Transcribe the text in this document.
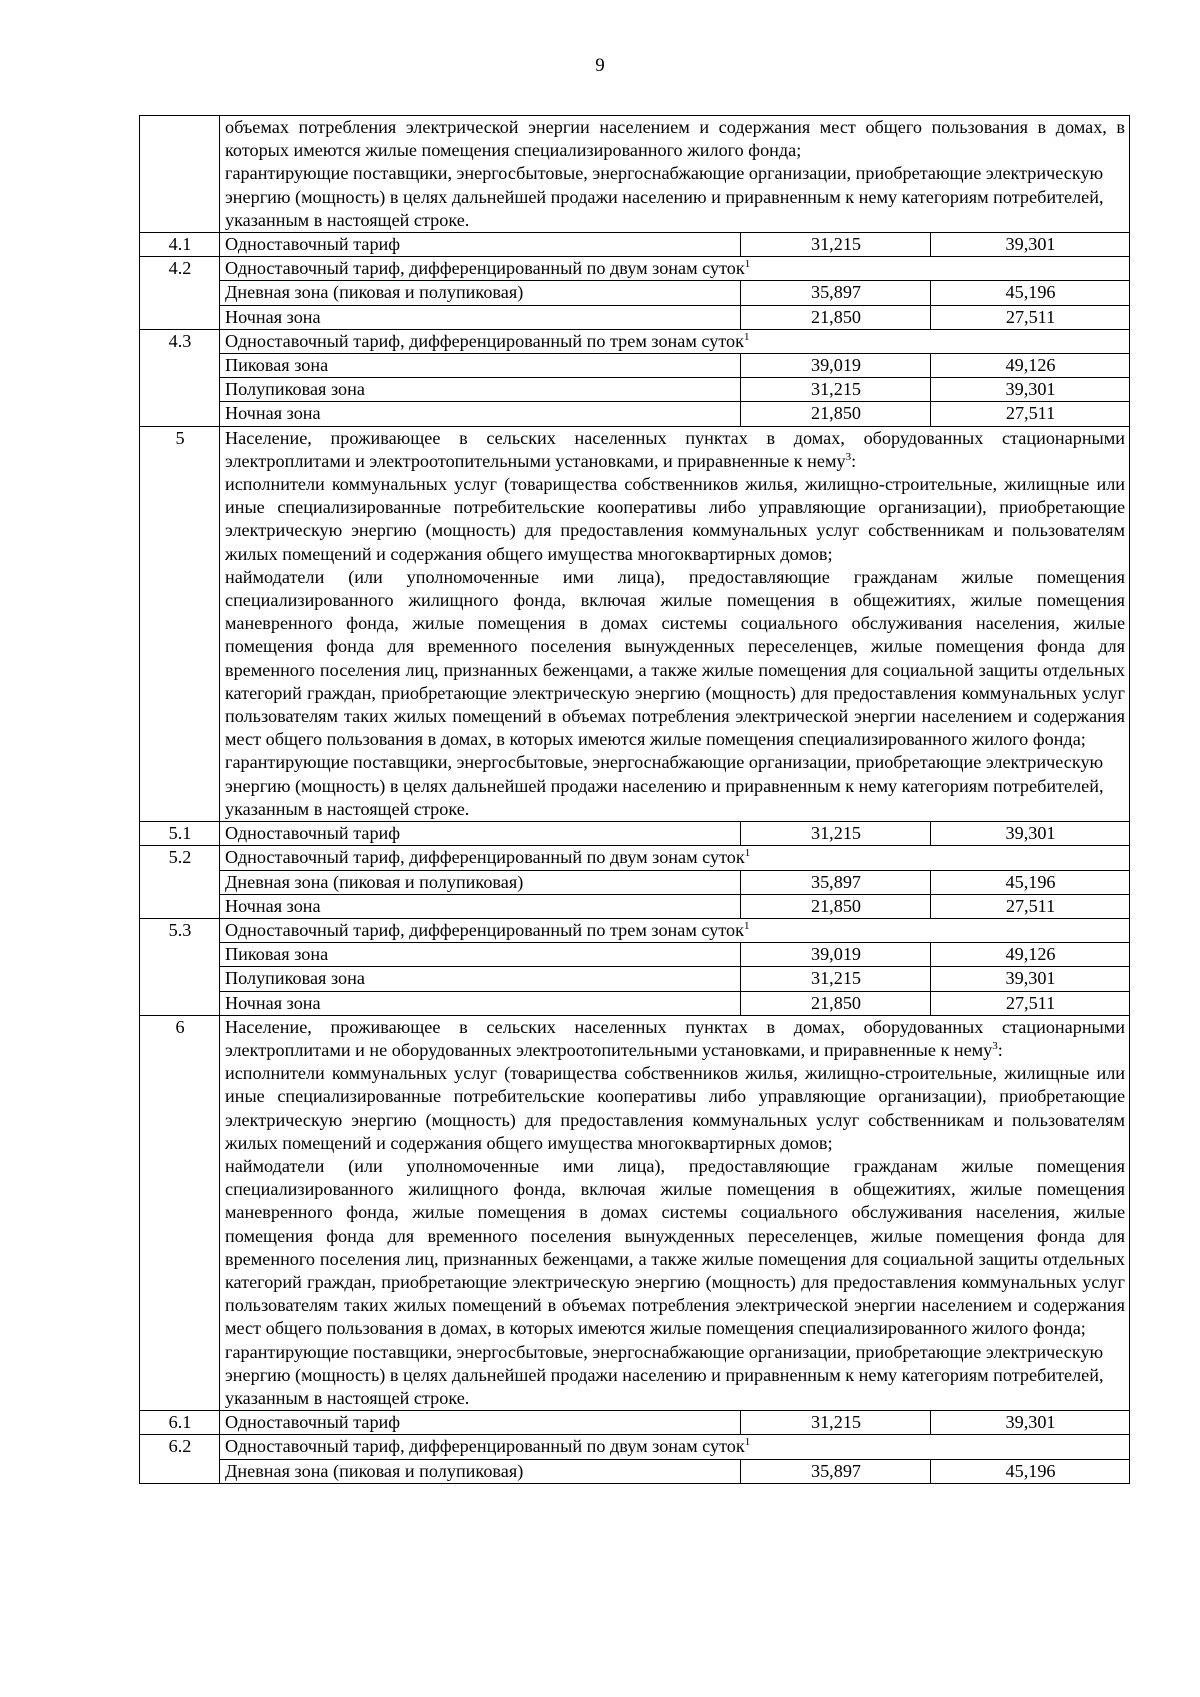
9

	объемах потребления электрической энергии населением и содержания мест общего пользования в домах, в которых имеются жилые помещения специализированного жилого фонда;

гарантирующие поставщики, энергосбытовые, энергоснабжающие организации, приобретающие электрическую энергию (мощность) в целях дальнейшей продажи населению и приравненным к нему категориям потребителей, указанным в настоящей строке.		

4.1	Одноставочный тариф	31,215	39,301
4.2	Одноставочный тариф, дифференцированный по двум зонам суток$^1$
	Дневная зона (пиковая и полупиковая)	35,897	45,196
	Ночная зона	21,850	27,511
4.3	Одноставочный тариф, дифференцированный по трем зонам суток$^1$
	Пиковая зона	39,019	49,126
	Полупиковая зона	31,215	39,301
	Ночная зона	21,850	27,511
5	Население, проживающее в сельских населенных пунктах в домах, оборудованных стационарными электроплитами и электроотопительными установками, и приравненные к нему$^3$:

исполнители коммунальных услуг (товарищества собственников жилья, жилищно-строительные, жилищные или иные специализированные потребительские кооперативы либо управляющие организации), приобретающие электрическую энергию (мощность) для предоставления коммунальных услуг собственникам и пользователям жилых помещений и содержания общего имущества многоквартирных домов;

наймодатели (или уполномоченные ими лица), предоставляющие гражданам жилые помещения специализированного жилищного фонда, включая жилые помещения в общежитиях, жилые помещения маневренного фонда, жилые помещения в домах системы социального обслуживания населения, жилые помещения фонда для временного поселения вынужденных переселенцев, жилые помещения фонда для временного поселения лиц, признанных беженцами, а также жилые помещения для социальной защиты отдельных категорий граждан, приобретающие электрическую энергию (мощность) для предоставления коммунальных услуг пользователям таких жилых помещений в объемах потребления электрической энергии населением и содержания мест общего пользования в домах, в которых имеются жилые помещения специализированного жилого фонда;

гарантирующие поставщики, энергосбытовые, энергоснабжающие организации, приобретающие электрическую энергию (мощность) в целях дальнейшей продажи населению и приравненным к нему категориям потребителей, указанным в настоящей строке.		

5.1	Одноставочный тариф	31,215	39,301
5.2	Одноставочный тариф, дифференцированный по двум зонам суток$^1$
	Дневная зона (пиковая и полупиковая)	35,897	45,196
	Ночная зона	21,850	27,511
5.3	Одноставочный тариф, дифференцированный по трем зонам суток$^1$
	Пиковая зона	39,019	49,126
	Полупиковая зона	31,215	39,301
	Ночная зона	21,850	27,511
6	Население, проживающее в сельских населенных пунктах в домах, оборудованных стационарными электроплитами и не оборудованных электроотопительными установками, и приравненные к нему$^3$:

исполнители коммунальных услуг (товарищества собственников жилья, жилищно-строительные, жилищные или иные специализированные потребительские кооперативы либо управляющие организации), приобретающие электрическую энергию (мощность) для предоставления коммунальных услуг собственникам и пользователям жилых помещений и содержания общего имущества многоквартирных домов;

наймодатели (или уполномоченные ими лица), предоставляющие гражданам жилые помещения специализированного жилищного фонда, включая жилые помещения в общежитиях, жилые помещения маневренного фонда, жилые помещения в домах системы социального обслуживания населения, жилые помещения фонда для временного поселения вынужденных переселенцев, жилые помещения фонда для временного поселения лиц, признанных беженцами, а также жилые помещения для социальной защиты отдельных категорий граждан, приобретающие электрическую энергию (мощность) для предоставления коммунальных услуг пользователям таких жилых помещений в объемах потребления электрической энергии населением и содержания мест общего пользования в домах, в которых имеются жилые помещения специализированного жилого фонда;

гарантирующие поставщики, энергосбытовые, энергоснабжающие организации, приобретающие электрическую энергию (мощность) в целях дальнейшей продажи населению и приравненным к нему категориям потребителей, указанным в настоящей строке.		

6.1	Одноставочный тариф	31,215	39,301
6.2	Одноставочный тариф, дифференцированный по двум зонам суток$^1$
	Дневная зона (пиковая и полупиковая)	35,897	45,196
